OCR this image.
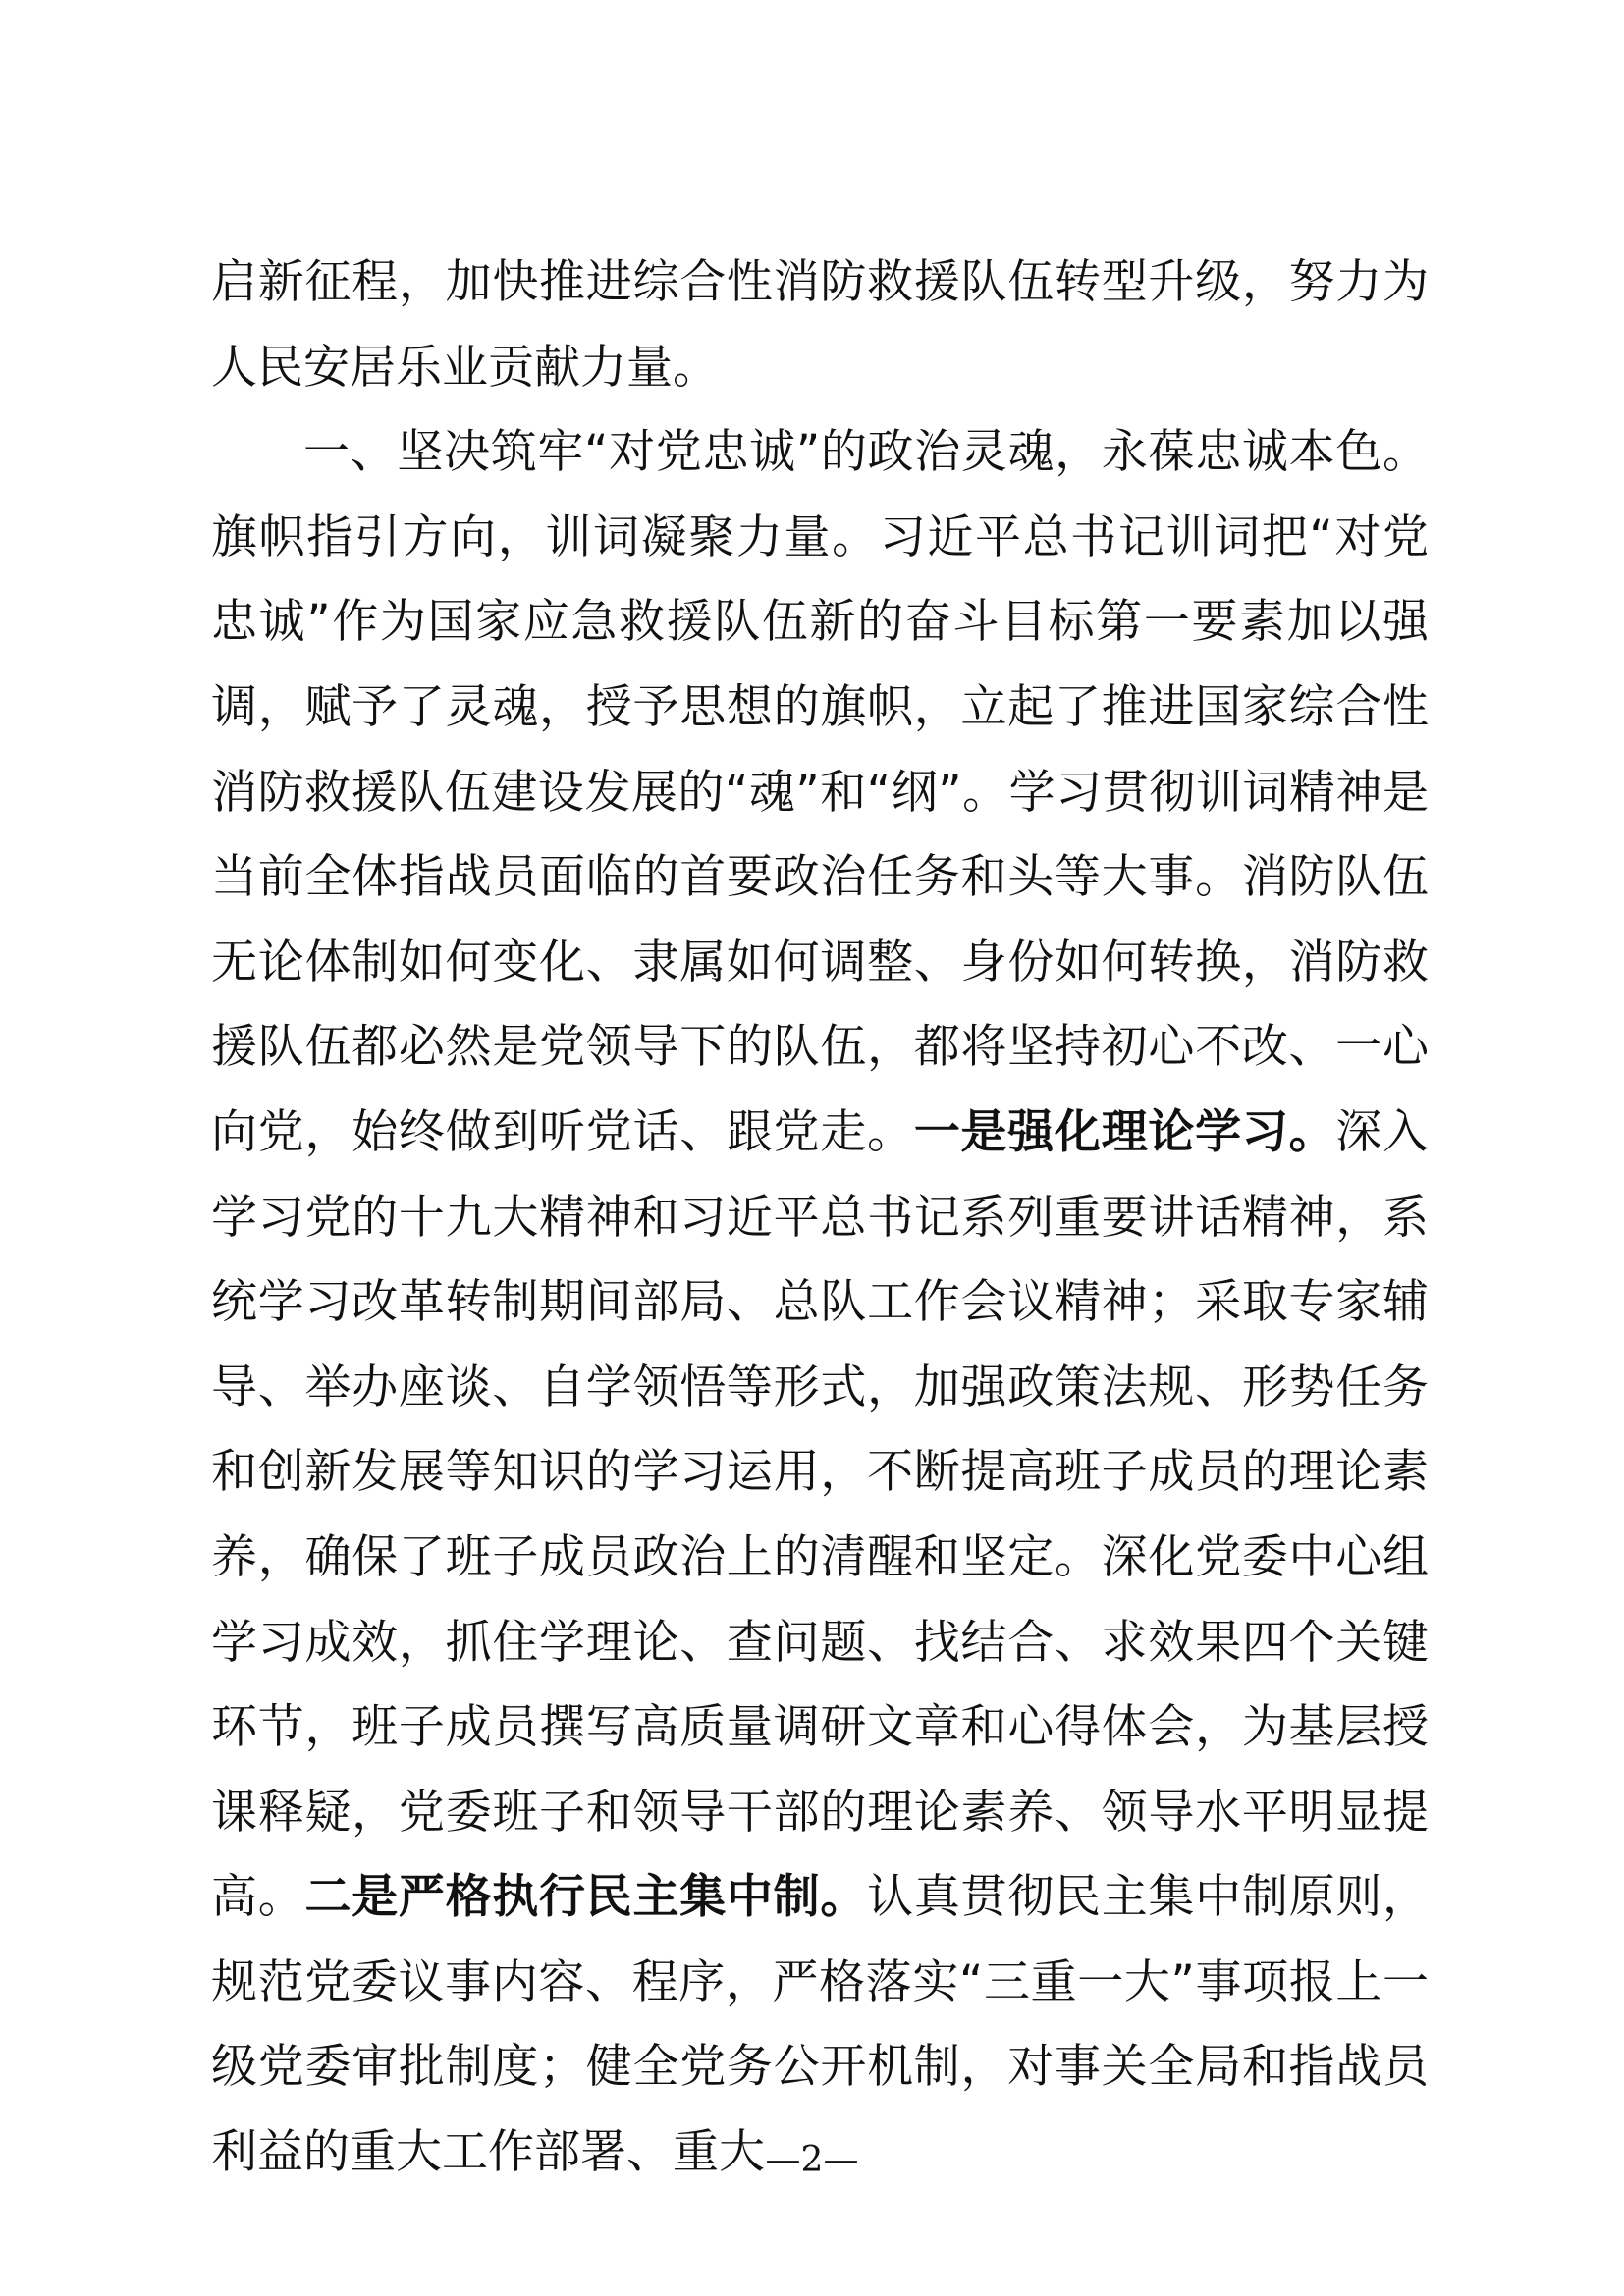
启新征程，加快推进综合性消防救援队伍转型升级，努力为人民安居乐业贡献力量。

一、坚决筑牢“对党忠诚”的政治灵魂，永葆忠诚本色。旗帜指引方向，训词凝聚力量。习近平总书记训词把“对党忠诚”作为国家应急救援队伍新的奋斗目标第一要素加以强调，赋予了灵魂，授予思想的旗帜，立起了推进国家综合性消防救援队伍建设发展的“魂”和“纲”。学习贯彻训词精神是当前全体指战员面临的首要政治任务和头等大事。消防队伍无论体制如何变化、隶属如何调整、身份如何转换，消防救援队伍都必然是党领导下的队伍，都将坚持初心不改、一心向党，始终做到听党话、跟党走。一是强化理论学习。深入学习党的十九大精神和习近平总书记系列重要讲话精神，系统学习改革转制期间部局、总队工作会议精神；采取专家辅导、举办座谈、自学领悟等形式，加强政策法规、形势任务和创新发展等知识的学习运用，不断提高班子成员的理论素养，确保了班子成员政治上的清醒和坚定。深化党委中心组学习成效，抓住学理论、查问题、找结合、求效果四个关键环节，班子成员撰写高质量调研文章和心得体会，为基层授课释疑，党委班子和领导干部的理论素养、领导水平明显提高。二是严格执行民主集中制。认真贯彻民主集中制原则，规范党委议事内容、程序，严格落实“三重一大”事项报上一级党委审批制度；健全党务公开机制，对事关全局和指战员利益的重大工作部署、重大 —2—
